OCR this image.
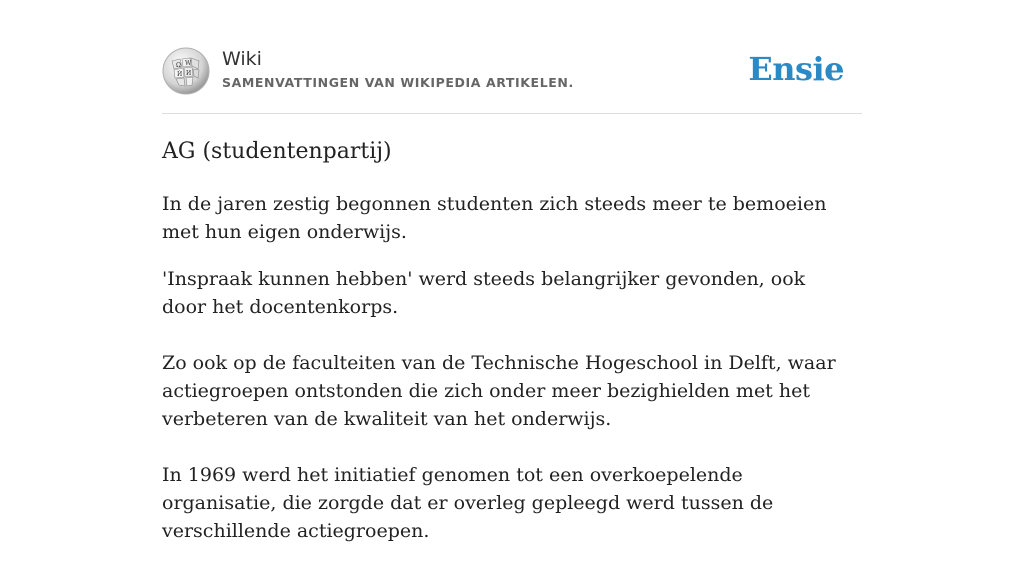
Ω W
Ѝ И
Wiki
SAMENVATTINGEN VAN WIKIPEDIA ARTIKELEN.	Ensie
AG (studentenpartij)

In de jaren zestig begonnen studenten zich steeds meer te bemoeien met hun eigen onderwijs.

'Inspraak kunnen hebben' werd steeds belangrijker gevonden, ook door het docentenkorps.

Zo ook op de faculteiten van de Technische Hogeschool in Delft, waar actiegroepen ontstonden die zich onder meer bezighielden met het verbeteren van de kwaliteit van het onderwijs.

In 1969 werd het initiatief genomen tot een overkoepelende organisatie, die zorgde dat er overleg gepleegd werd tussen de verschillende actiegroepen.
